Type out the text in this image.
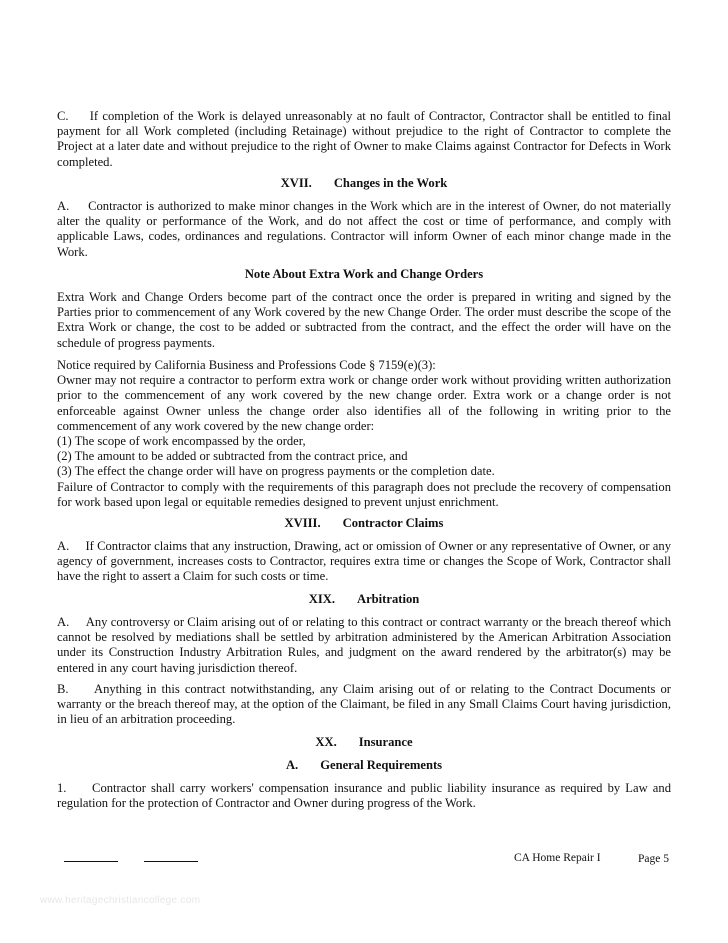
C.     If completion of the Work is delayed unreasonably at no fault of Contractor, Contractor shall be entitled to final payment for all Work completed (including Retainage) without prejudice to the right of Contractor to complete the Project at a later date and without prejudice to the right of Owner to make Claims against Contractor for Defects in Work completed.

XVII. Changes in the Work

A.     Contractor is authorized to make minor changes in the Work which are in the interest of Owner, do not materially alter the quality or performance of the Work, and do not affect the cost or time of performance, and comply with applicable Laws, codes, ordinances and regulations. Contractor will inform Owner of each minor change made in the Work.

Note About Extra Work and Change Orders

Extra Work and Change Orders become part of the contract once the order is prepared in writing and signed by the Parties prior to commencement of any Work covered by the new Change Order. The order must describe the scope of the Extra Work or change, the cost to be added or subtracted from the contract, and the effect the order will have on the schedule of progress payments.

Notice required by California Business and Professions Code § 7159(e)(3):
Owner may not require a contractor to perform extra work or change order work without providing written authorization prior to the commencement of any work covered by the new change order. Extra work or a change order is not enforceable against Owner unless the change order also identifies all of the following in writing prior to the commencement of any work covered by the new change order:
(1) The scope of work encompassed by the order,
(2) The amount to be added or subtracted from the contract price, and
(3) The effect the change order will have on progress payments or the completion date.
Failure of Contractor to comply with the requirements of this paragraph does not preclude the recovery of compensation for work based upon legal or equitable remedies designed to prevent unjust enrichment.
XVIII. Contractor Claims

A.     If Contractor claims that any instruction, Drawing, act or omission of Owner or any representative of Owner, or any agency of government, increases costs to Contractor, requires extra time or changes the Scope of Work, Contractor shall have the right to assert a Claim for such costs or time.

XIX. Arbitration

A.     Any controversy or Claim arising out of or relating to this contract or contract warranty or the breach thereof which cannot be resolved by mediations shall be settled by arbitration administered by the American Arbitration Association under its Construction Industry Arbitration Rules, and judgment on the award rendered by the arbitrator(s) may be entered in any court having jurisdiction thereof.

B.     Anything in this contract notwithstanding, any Claim arising out of or relating to the Contract Documents or warranty or the breach thereof may, at the option of the Claimant, be filed in any Small Claims Court having jurisdiction, in lieu of an arbitration proceeding.

XX. Insurance
A. General Requirements

1.     Contractor shall carry workers' compensation insurance and public liability insurance as required by Law and regulation for the protection of Contractor and Owner during progress of the Work.

CA Home Repair I	Page 5
www.heritagechristiancollege.com
